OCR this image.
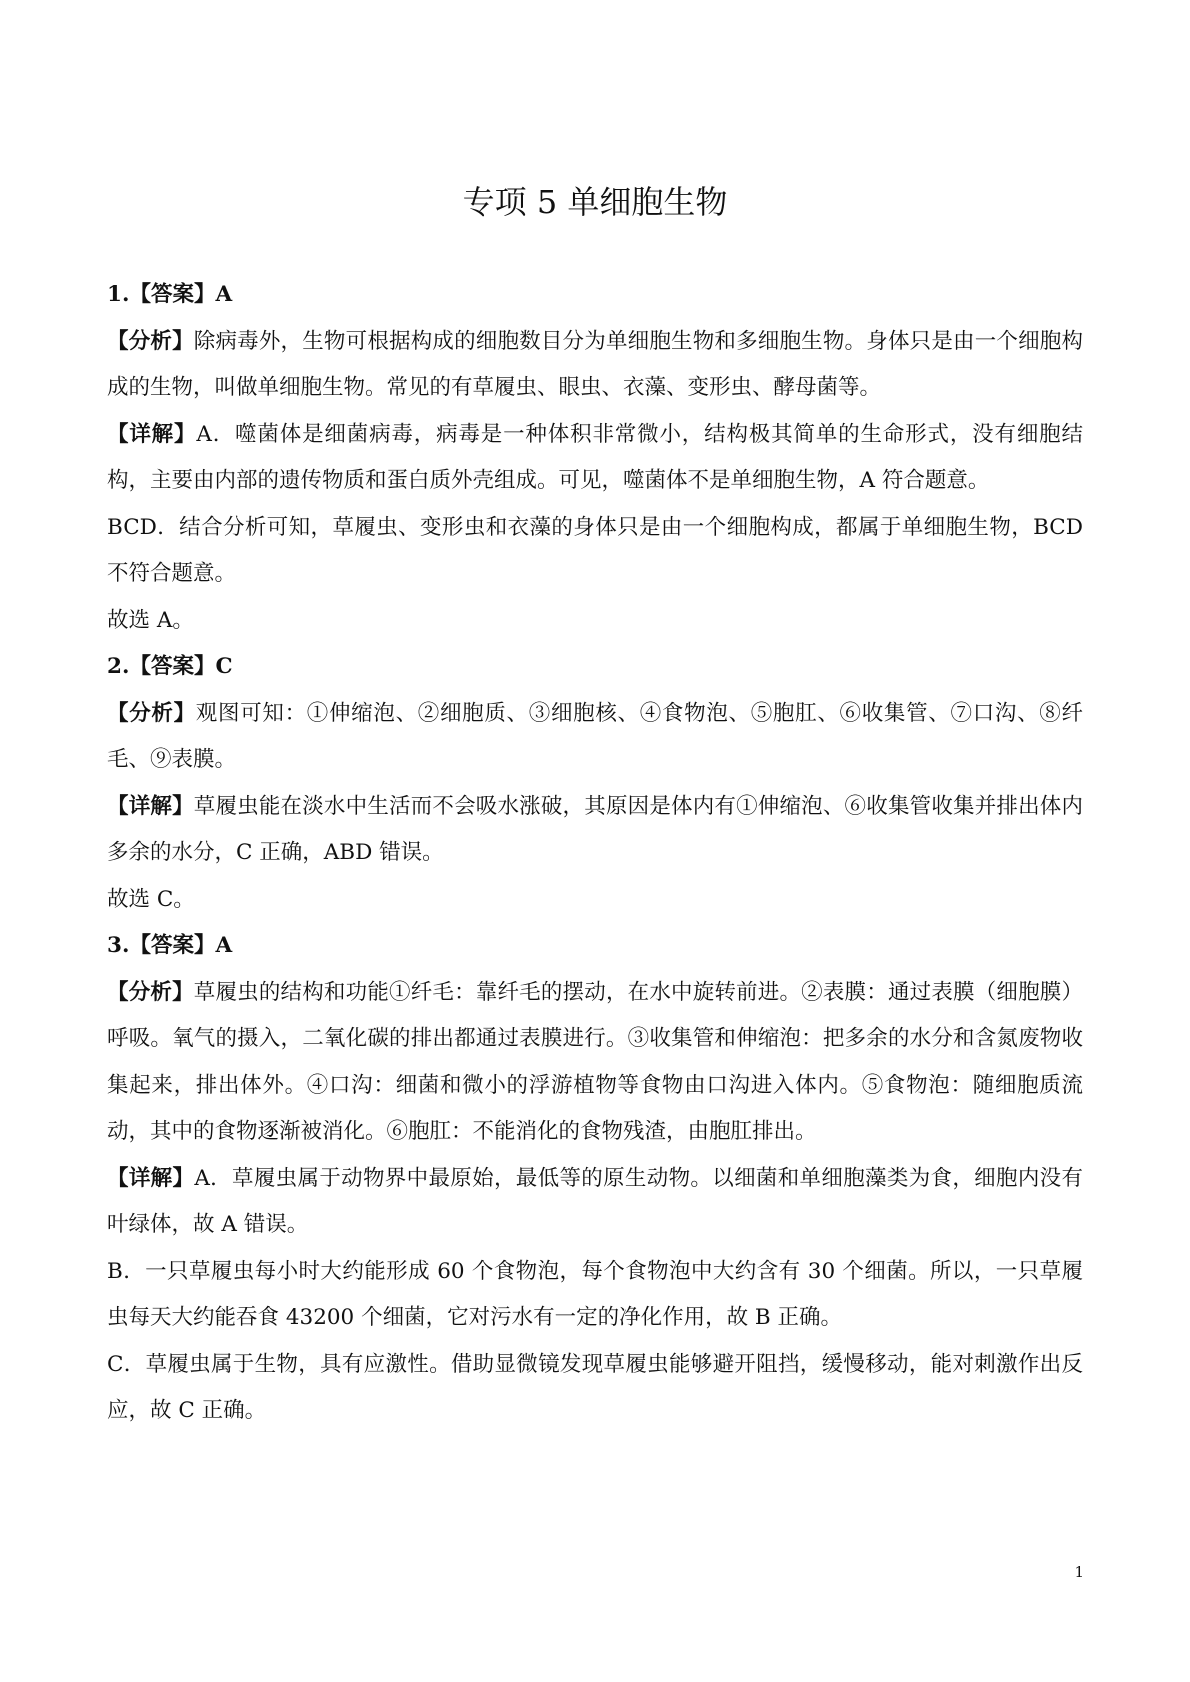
专项 5 单细胞生物

1.【答案】A

【分析】除病毒外，生物可根据构成的细胞数目分为单细胞生物和多细胞生物。身体只是由一个细胞构成的生物，叫做单细胞生物。常见的有草履虫、眼虫、衣藻、变形虫、酵母菌等。

【详解】A．噬菌体是细菌病毒，病毒是一种体积非常微小，结构极其简单的生命形式，没有细胞结构，主要由内部的遗传物质和蛋白质外壳组成。可见，噬菌体不是单细胞生物，A 符合题意。

BCD．结合分析可知，草履虫、变形虫和衣藻的身体只是由一个细胞构成，都属于单细胞生物，BCD 不符合题意。

故选 A。

2.【答案】C

【分析】观图可知：①伸缩泡、②细胞质、③细胞核、④食物泡、⑤胞肛、⑥收集管、⑦口沟、⑧纤毛、⑨表膜。

【详解】草履虫能在淡水中生活而不会吸水涨破，其原因是体内有①伸缩泡、⑥收集管收集并排出体内多余的水分，C 正确，ABD 错误。

故选 C。

3.【答案】A

【分析】草履虫的结构和功能①纤毛：靠纤毛的摆动，在水中旋转前进。②表膜：通过表膜（细胞膜）呼吸。氧气的摄入，二氧化碳的排出都通过表膜进行。③收集管和伸缩泡：把多余的水分和含氮废物收集起来，排出体外。④口沟：细菌和微小的浮游植物等食物由口沟进入体内。⑤食物泡：随细胞质流动，其中的食物逐渐被消化。⑥胞肛：不能消化的食物残渣，由胞肛排出。

【详解】A．草履虫属于动物界中最原始，最低等的原生动物。以细菌和单细胞藻类为食，细胞内没有叶绿体，故 A 错误。

B．一只草履虫每小时大约能形成 60 个食物泡，每个食物泡中大约含有 30 个细菌。所以，一只草履虫每天大约能吞食 43200 个细菌，它对污水有一定的净化作用，故 B 正确。

C．草履虫属于生物，具有应激性。借助显微镜发现草履虫能够避开阻挡，缓慢移动，能对刺激作出反应，故 C 正确。

1
